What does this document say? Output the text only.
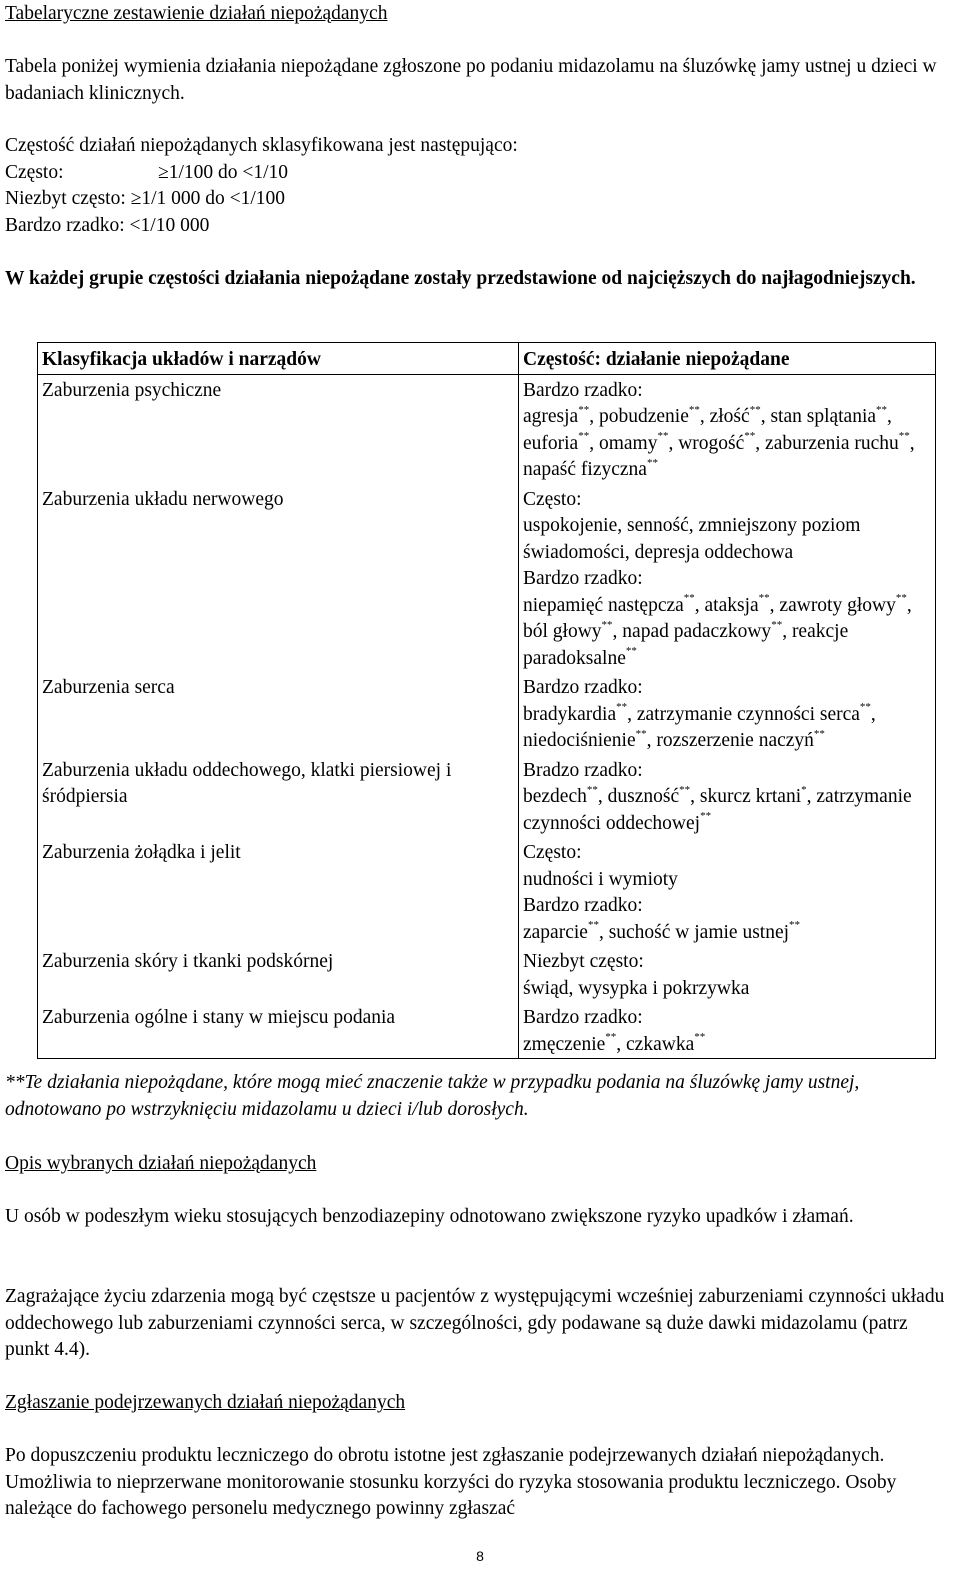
Tabelaryczne zestawienie działań niepożądanych

Tabela poniżej wymienia działania niepożądane zgłoszone po podaniu midazolamu na śluzówkę jamy ustnej u dzieci w badaniach klinicznych.

Częstość działań niepożądanych sklasyfikowana jest następująco:

Często:	≥1/100 do <1/10
Niezbyt często:
≥1/1 000 do <1/100
Bardzo rzadko:
<1/10 000

W każdej grupie częstości działania niepożądane zostały przedstawione od najcięższych do najłagodniejszych.

Klasyfikacja układów i narządów	Częstość: działanie niepożądane
Zaburzenia psychiczne	Bardzo rzadko:
agresja**, pobudzenie**, złość**, stan splątania**, euforia**, omamy**, wrogość**, zaburzenia ruchu**, napaść fizyczna**

Zaburzenia układu nerwowego	Często:
uspokojenie, senność, zmniejszony poziom świadomości, depresja oddechowa
Bardzo rzadko:
niepamięć następcza**, ataksja**, zawroty głowy**, ból głowy**, napad padaczkowy**, reakcje paradoksalne**

Zaburzenia serca	Bardzo rzadko:
bradykardia**, zatrzymanie czynności serca**, niedociśnienie**, rozszerzenie naczyń**

Zaburzenia układu oddechowego, klatki piersiowej i śródpiersia	Bradzo rzadko:
bezdech**, duszność**, skurcz krtani*, zatrzymanie czynności oddechowej**

Zaburzenia żołądka i jelit	Często:
nudności i wymioty
Bardzo rzadko:
zaparcie**, suchość w jamie ustnej**

Zaburzenia skóry i tkanki podskórnej	Niezbyt często:
świąd, wysypka i pokrzywka

Zaburzenia ogólne i stany w miejscu podania	Bardzo rzadko:
zmęczenie**, czkawka**

**Te działania niepożądane, które mogą mieć znaczenie także w przypadku podania na śluzówkę jamy ustnej, odnotowano po wstrzyknięciu midazolamu u dzieci i/lub dorosłych.

Opis wybranych działań niepożądanych

U osób w podeszłym wieku stosujących benzodiazepiny odnotowano zwiększone ryzyko upadków i złamań.

Zagrażające życiu zdarzenia mogą być częstsze u pacjentów z występującymi wcześniej zaburzeniami czynności układu oddechowego lub zaburzeniami czynności serca, w szczególności, gdy podawane są duże dawki midazolamu (patrz punkt 4.4).

Zgłaszanie podejrzewanych działań niepożądanych

Po dopuszczeniu produktu leczniczego do obrotu istotne jest zgłaszanie podejrzewanych działań niepożądanych. Umożliwia to nieprzerwane monitorowanie stosunku korzyści do ryzyka stosowania produktu leczniczego. Osoby należące do fachowego personelu medycznego powinny zgłaszać

8
